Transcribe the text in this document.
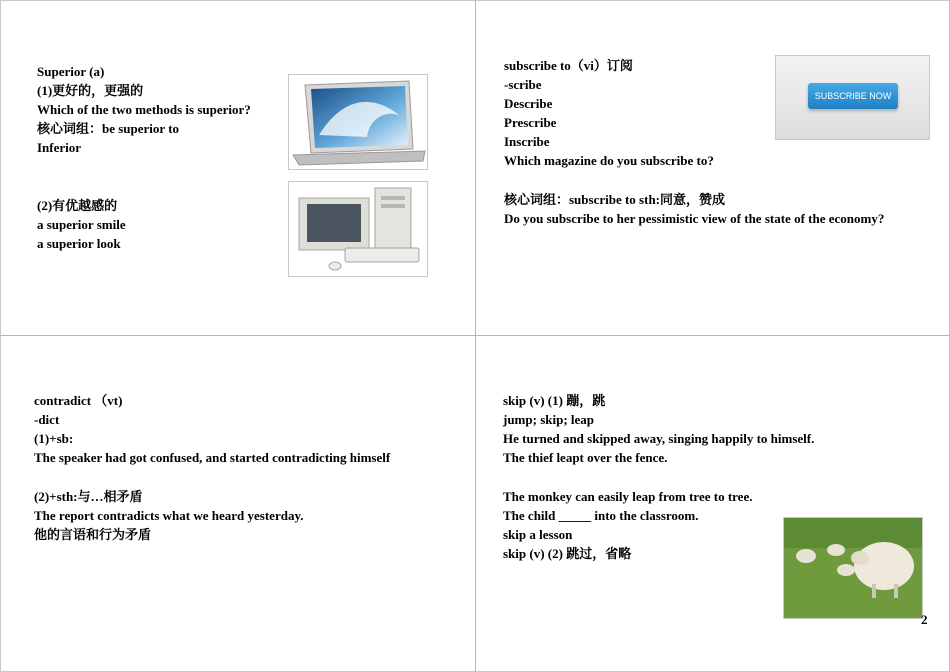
Superior (a)
(1)更好的，更强的
Which of the two methods is superior?
核心词组：be superior to
Inferior
(2)有优越感的
a superior smile
a superior look
subscribe to（vi）订阅
-scribe
Describe
Prescribe
Inscribe
Which magazine do you subscribe to?
核心词组：subscribe to sth:同意，赞成
Do you subscribe to her pessimistic view of the state of the economy?
SUBSCRIBE NOW
contradict （vt)
-dict
(1)+sb:
The speaker had got confused, and started contradicting himself
(2)+sth:与…相矛盾
The report contradicts what we heard yesterday.
他的言语和行为矛盾
skip (v) (1) 蹦，跳
jump; skip; leap
He turned and skipped away, singing happily to himself.
The thief leapt over the fence.
The monkey can easily leap from tree to tree.
The child _____ into the classroom.
skip a lesson
skip (v) (2) 跳过，省略
2
